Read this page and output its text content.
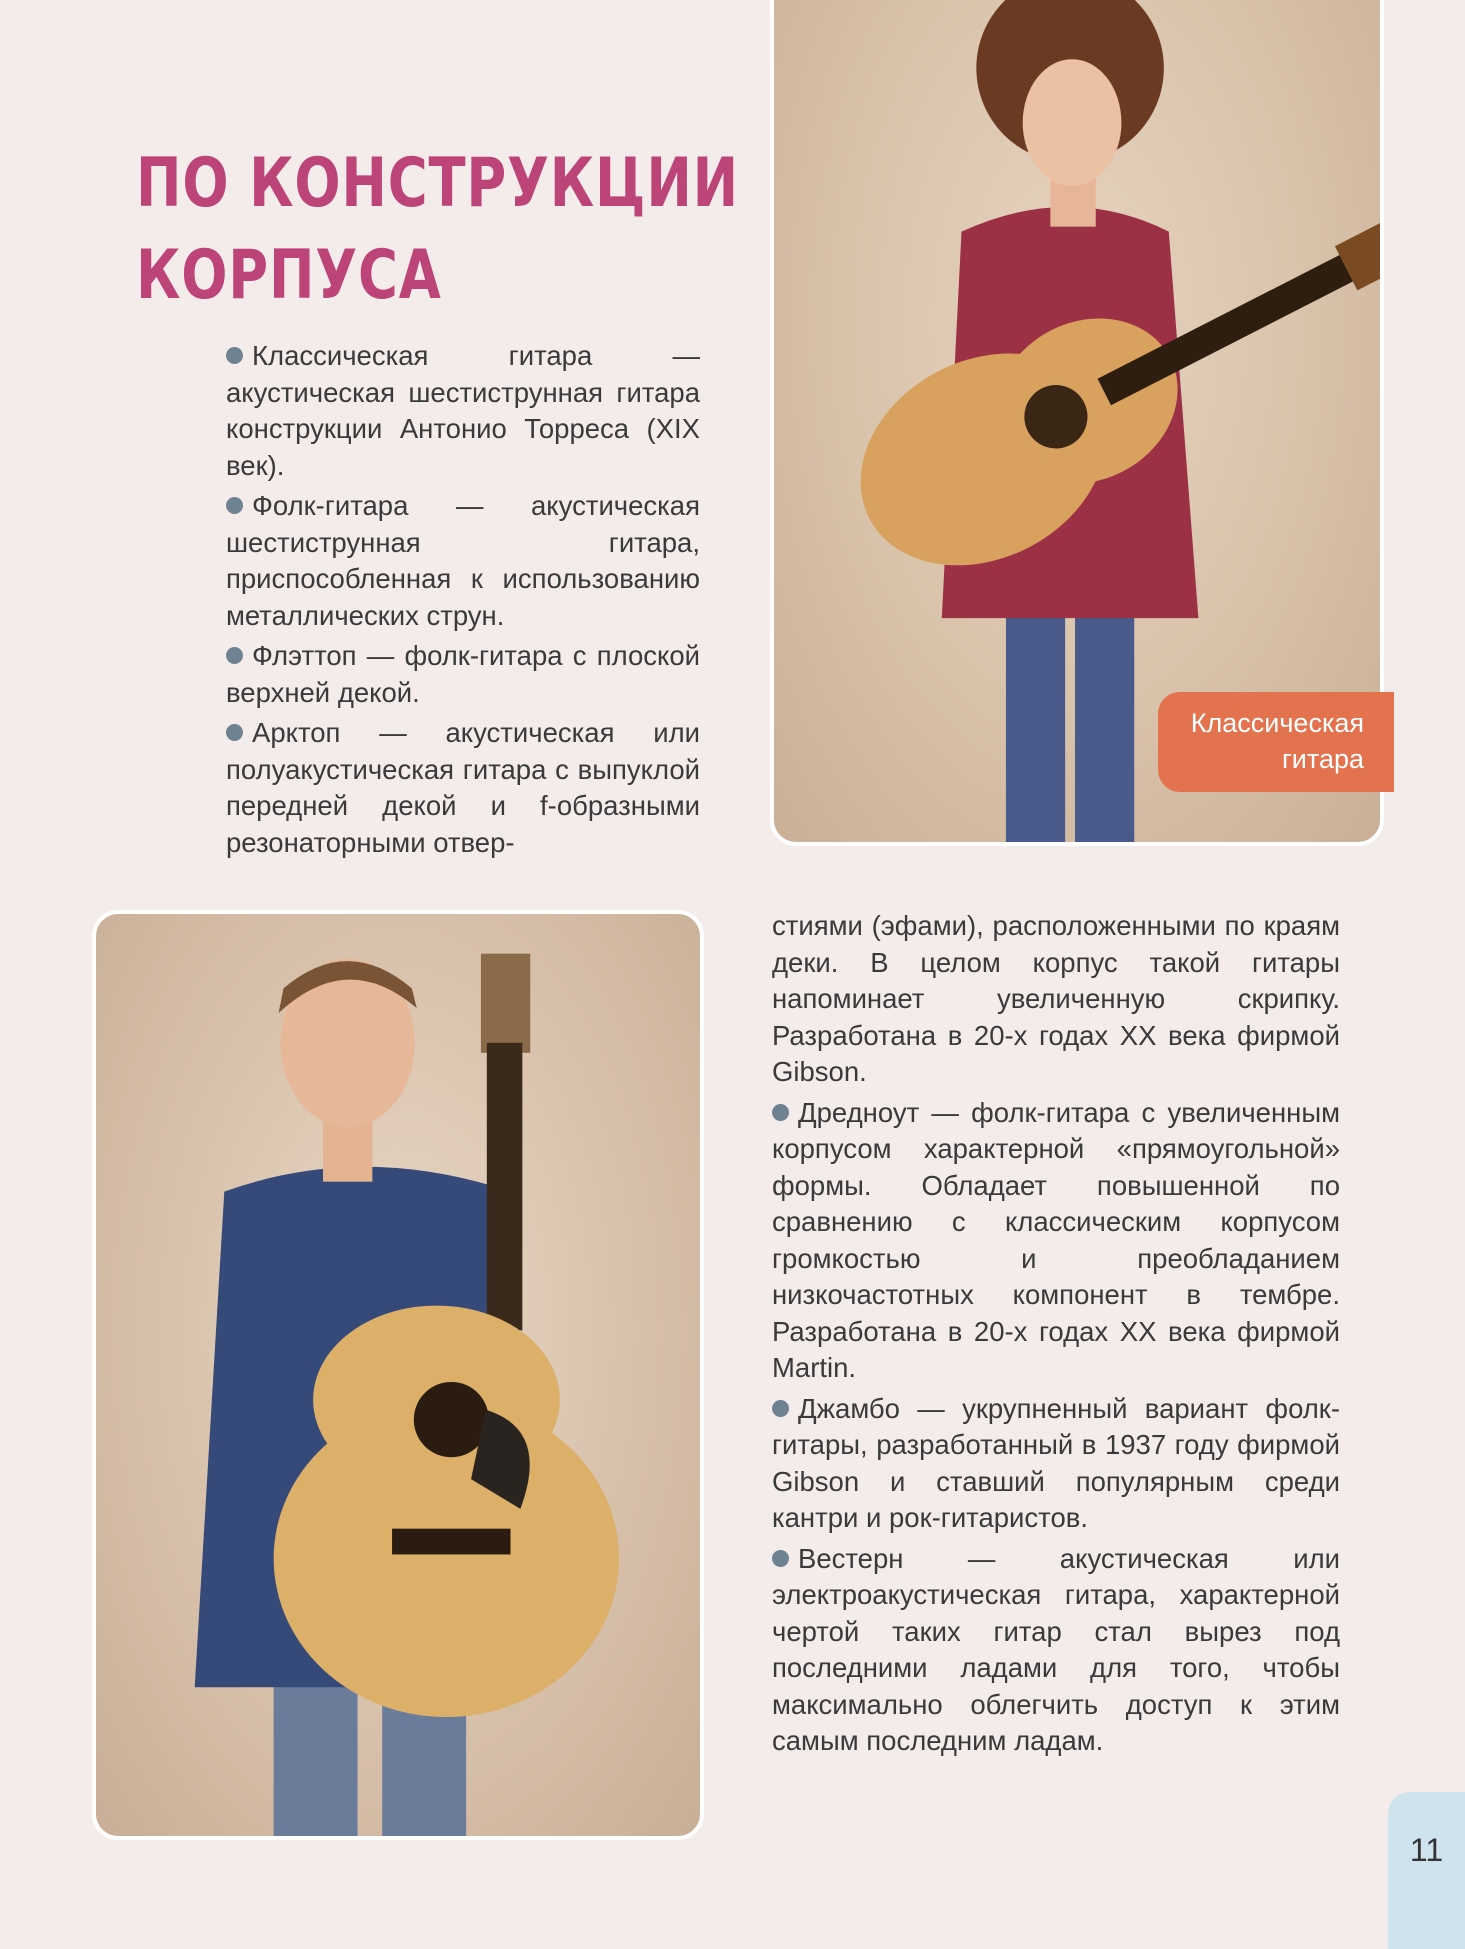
ПО КОНСТРУКЦИИ
КОРПУСА

Классическая гитара — акустическая шестиструнная гитара конструкции Антонио Торреса (XIX век).

Фолк-гитара — акустическая шестиструнная гитара, приспособленная к использованию металлических струн.

Флэттоп — фолк-гитара с плоской верхней декой.

Арктоп — акустическая или полуакустическая гитара с выпуклой передней декой и f-образными резонаторными отвер-

Классическая
гитара

стиями (эфами), расположенными по краям деки. В целом корпус такой гитары напоминает увеличенную скрипку. Разработана в 20-х годах XX века фирмой Gibson.

Дредноут — фолк-гитара с увеличенным корпусом характерной «прямоугольной» формы. Обладает повышенной по сравнению с классическим корпусом громкостью и преобладанием низкочастотных компонент в тембре. Разработана в 20-х годах XX века фирмой Martin.

Джамбо — укрупненный вариант фолк-гитары, разработанный в 1937 году фирмой Gibson и ставший популярным среди кантри и рок-гитаристов.

Вестерн — акустическая или электроакустическая гитара, характерной чертой таких гитар стал вырез под последними ладами для того, чтобы максимально облегчить доступ к этим самым последним ладам.

11
